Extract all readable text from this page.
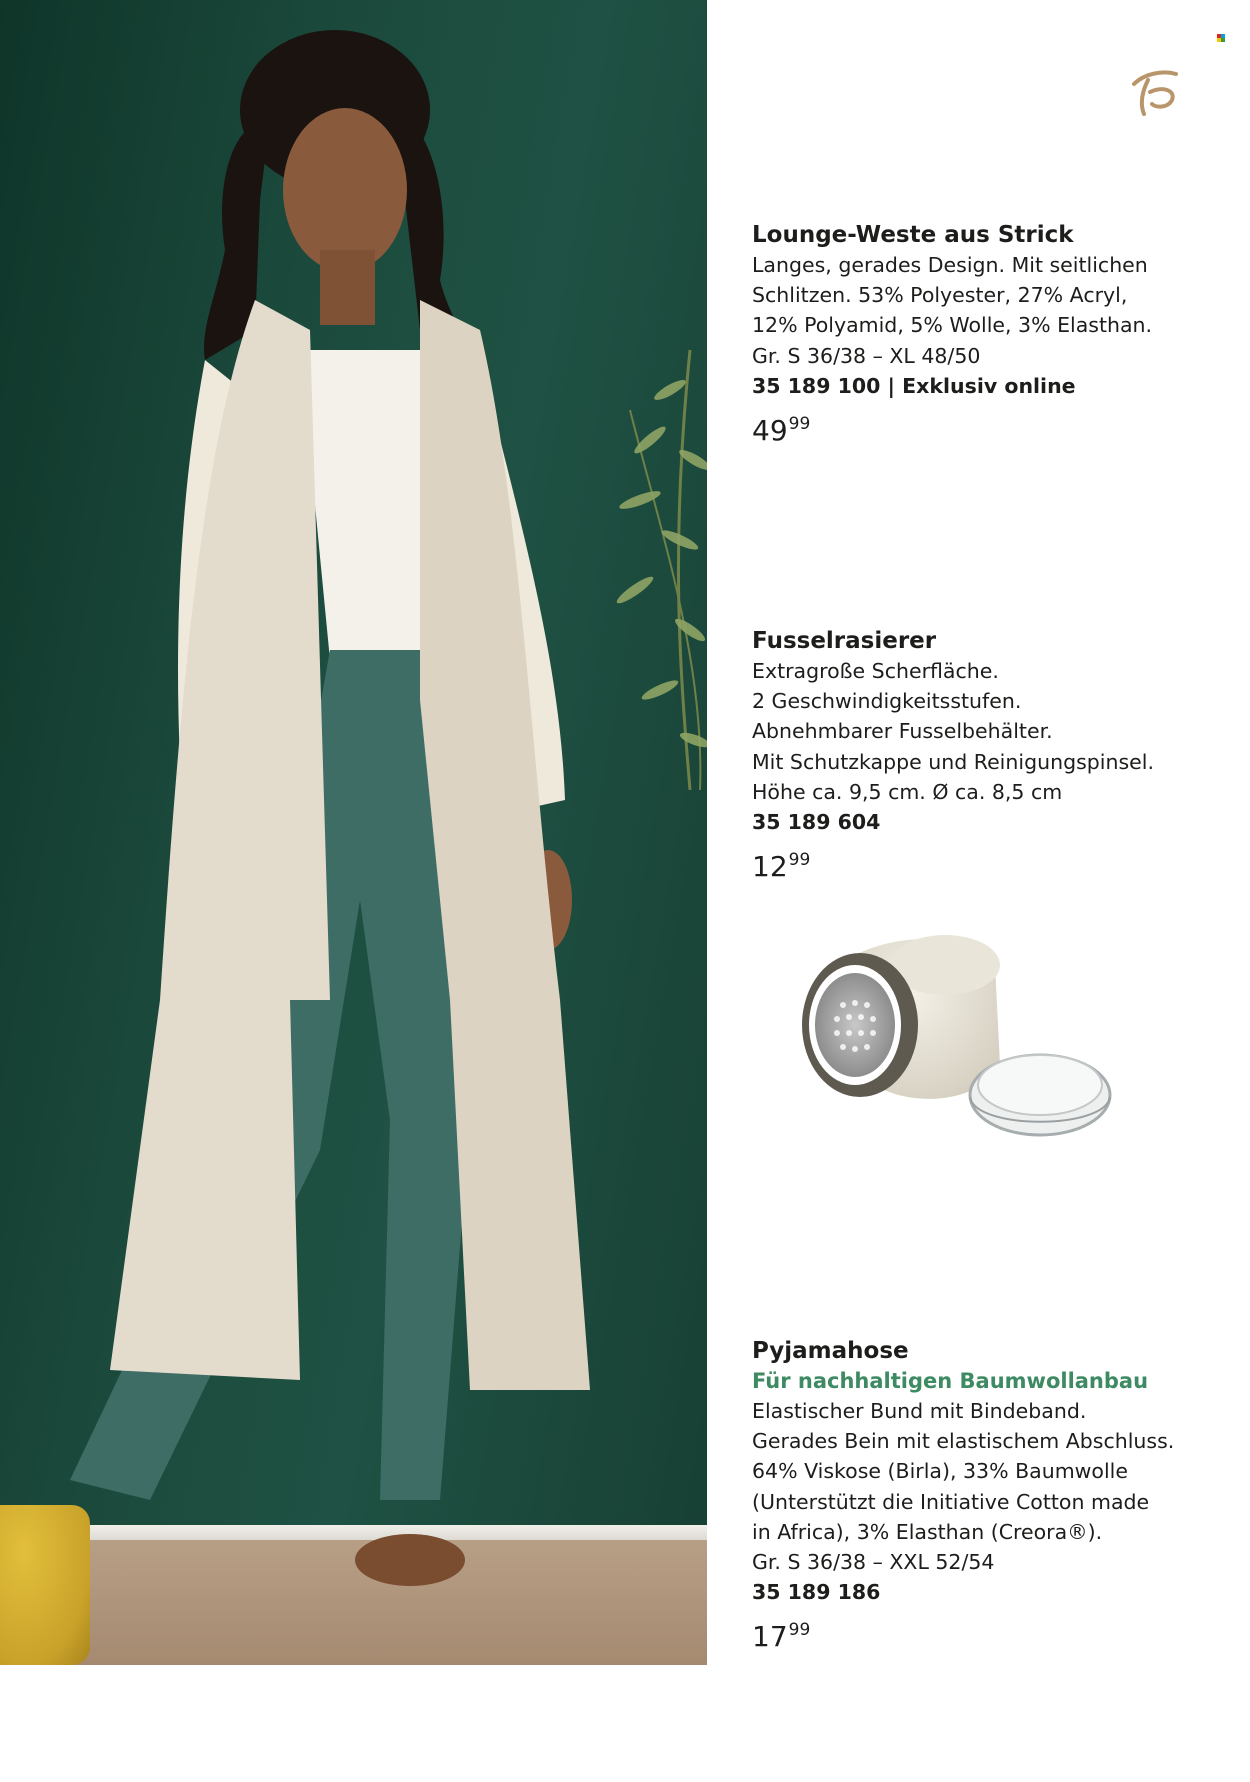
Lounge-Weste aus Strick
Langes, gerades Design. Mit seitlichen
Schlitzen. 53% Polyester, 27% Acryl,
12% Polyamid, 5% Wolle, 3% Elasthan.
Gr. S 36/38 – XL 48/50
35 189 100 | Exklusiv online
$49^{99}$
Fusselrasierer
Extragroße Scherfläche.
2 Geschwindigkeitsstufen.
Abnehmbarer Fusselbehälter.
Mit Schutzkappe und Reinigungspinsel.
Höhe ca. 9,5 cm. Ø ca. 8,5 cm
35 189 604
$12^{99}$
Pyjamahose
Für nachhaltigen Baumwollanbau
Elastischer Bund mit Bindeband.
Gerades Bein mit elastischem Abschluss.
64% Viskose (Birla), 33% Baumwolle
(Unterstützt die Initiative Cotton made
in Africa), 3% Elasthan (Creora®).
Gr. S 36/38 – XXL 52/54
35 189 186
$17^{99}$
